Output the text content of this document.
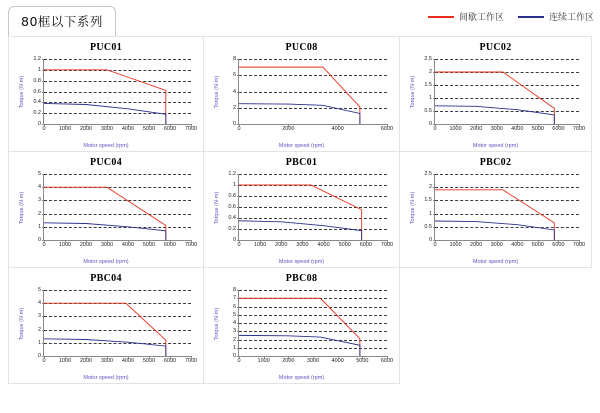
80框以下系列	间歇工作区	连续工作区
PUC01
Torque (N·m)
0
0.2
0.4
0.6
0.8
1
1.2
0 1000 2000 3000 4000 5000 6000 7000
Motor speed (rpm)
PUC08
Torque (N·m)
0
2
4
6
8
0	2000	4000	6000
Motor speed (rpm)
PUC02
Torque (N·m)
0
0.5
1
1.5
2
2.5
0 1000 2000 3000 4000 5000 6000 7000
Motor speed (rpm)
PUC04
Torque (N·m)
0
1
2
3
4
5
0 1000 2000 3000 4000 5000 6000 7000
Motor speed (rpm)
PBC01
Torque (N·m)
0
0.2
0.4
0.6
0.8
1
1.2
0 1000 2000 3000 4000 5000 6000 7000
Motor speed (rpm)
PBC02
Torque (N·m)
0
0.5
1
1.5
2
2.5
0 1000 2000 3000 4000 5000 6000 7000
Motor speed (rpm)
PBC04
Torque (N·m)
0
1
2
3
4
5
0 1000 2000 3000 4000 5000 6000 7000
Motor speed (rpm)
PBC08
Torque (N·m)
0
1
2
3
4
5
6
7
8
0	1000 2000 3000 4000 5000 6000
Motor speed (rpm)
